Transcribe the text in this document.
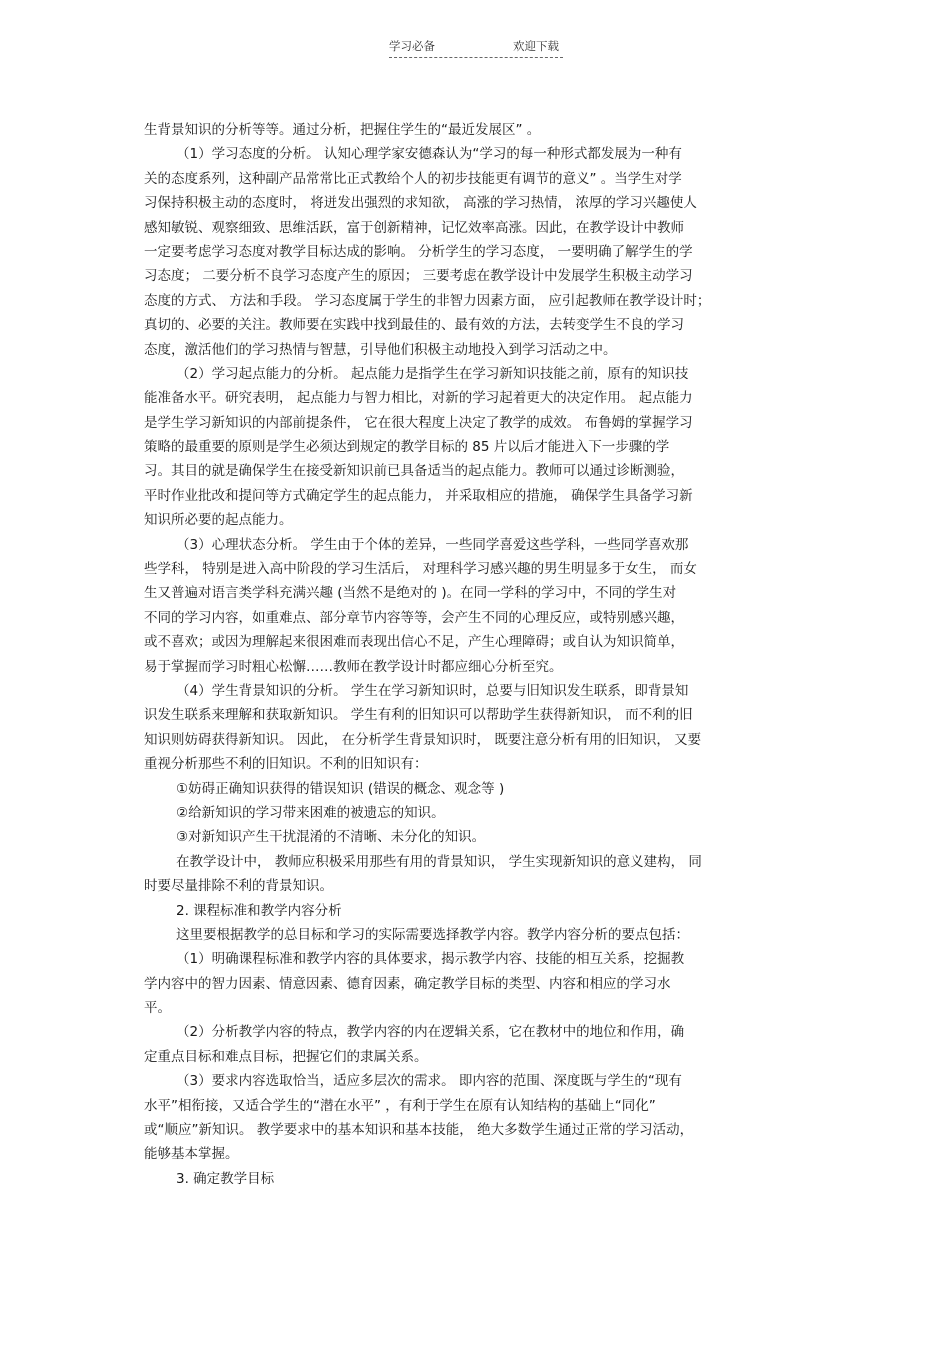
学习必备	欢迎下载
生背景知识的分析等等。通过分析，把握住学生的“最近发展区” 。
（1）学习态度的分析。 认知心理学家安德森认为“学习的每一种形式都发展为一种有
关的态度系列，这种副产品常常比正式教给个人的初步技能更有调节的意义” 。当学生对学
习保持积极主动的态度时， 将迸发出强烈的求知欲， 高涨的学习热情， 浓厚的学习兴趣使人
感知敏锐、观察细致、思维活跃，富于创新精神，记忆效率高涨。因此，在教学设计中教师
一定要考虑学习态度对教学目标达成的影响。 分析学生的学习态度， 一要明确了解学生的学
习态度； 二要分析不良学习态度产生的原因； 三要考虑在教学设计中发展学生积极主动学习
态度的方式、 方法和手段。 学习态度属于学生的非智力因素方面， 应引起教师在教学设计时；
真切的、必要的关注。教师要在实践中找到最佳的、最有效的方法，去转变学生不良的学习
态度，激活他们的学习热情与智慧，引导他们积极主动地投入到学习活动之中。
（2）学习起点能力的分析。 起点能力是指学生在学习新知识技能之前，原有的知识技
能准备水平。研究表明， 起点能力与智力相比，对新的学习起着更大的决定作用。 起点能力
是学生学习新知识的内部前提条件， 它在很大程度上决定了教学的成效。 布鲁姆的掌握学习
策略的最重要的原则是学生必须达到规定的教学目标的 85 片以后才能进入下一步骤的学
习。其目的就是确保学生在接受新知识前已具备适当的起点能力。教师可以通过诊断测验，
平时作业批改和提问等方式确定学生的起点能力， 并采取相应的措施， 确保学生具备学习新
知识所必要的起点能力。
（3）心理状态分析。 学生由于个体的差异，一些同学喜爱这些学科，一些同学喜欢那
些学科， 特别是进入高中阶段的学习生活后， 对理科学习感兴趣的男生明显多于女生， 而女
生又普遍对语言类学科充满兴趣 (当然不是绝对的 )。在同一学科的学习中，不同的学生对
不同的学习内容，如重难点、部分章节内容等等，会产生不同的心理反应，或特别感兴趣，
或不喜欢；或因为理解起来很困难而表现出信心不足，产生心理障碍；或自认为知识简单，
易于掌握而学习时粗心松懈……教师在教学设计时都应细心分析至究。
（4）学生背景知识的分析。 学生在学习新知识时，总要与旧知识发生联系，即背景知
识发生联系来理解和获取新知识。 学生有利的旧知识可以帮助学生获得新知识， 而不利的旧
知识则妨碍获得新知识。 因此， 在分析学生背景知识时， 既要注意分析有用的旧知识， 又要
重视分析那些不利的旧知识。不利的旧知识有：
①妨碍正确知识获得的错误知识 (错误的概念、观念等 )
②给新知识的学习带来困难的被遗忘的知识。
③对新知识产生干扰混淆的不清晰、未分化的知识。
在教学设计中， 教师应积极采用那些有用的背景知识， 学生实现新知识的意义建构， 同
时要尽量排除不利的背景知识。
2. 课程标准和教学内容分析
这里要根据教学的总目标和学习的实际需要选择教学内容。教学内容分析的要点包括：
（1）明确课程标准和教学内容的具体要求，揭示教学内容、技能的相互关系，挖掘教
学内容中的智力因素、情意因素、德育因素，确定教学目标的类型、内容和相应的学习水
平。
（2）分析教学内容的特点，教学内容的内在逻辑关系，它在教材中的地位和作用，确
定重点目标和难点目标，把握它们的隶属关系。
（3）要求内容选取恰当，适应多层次的需求。 即内容的范围、深度既与学生的“现有
水平”相衔接，又适合学生的“潜在水平” ，有利于学生在原有认知结构的基础上“同化”
或“顺应”新知识。 教学要求中的基本知识和基本技能， 绝大多数学生通过正常的学习活动，
能够基本掌握。
3. 确定教学目标
